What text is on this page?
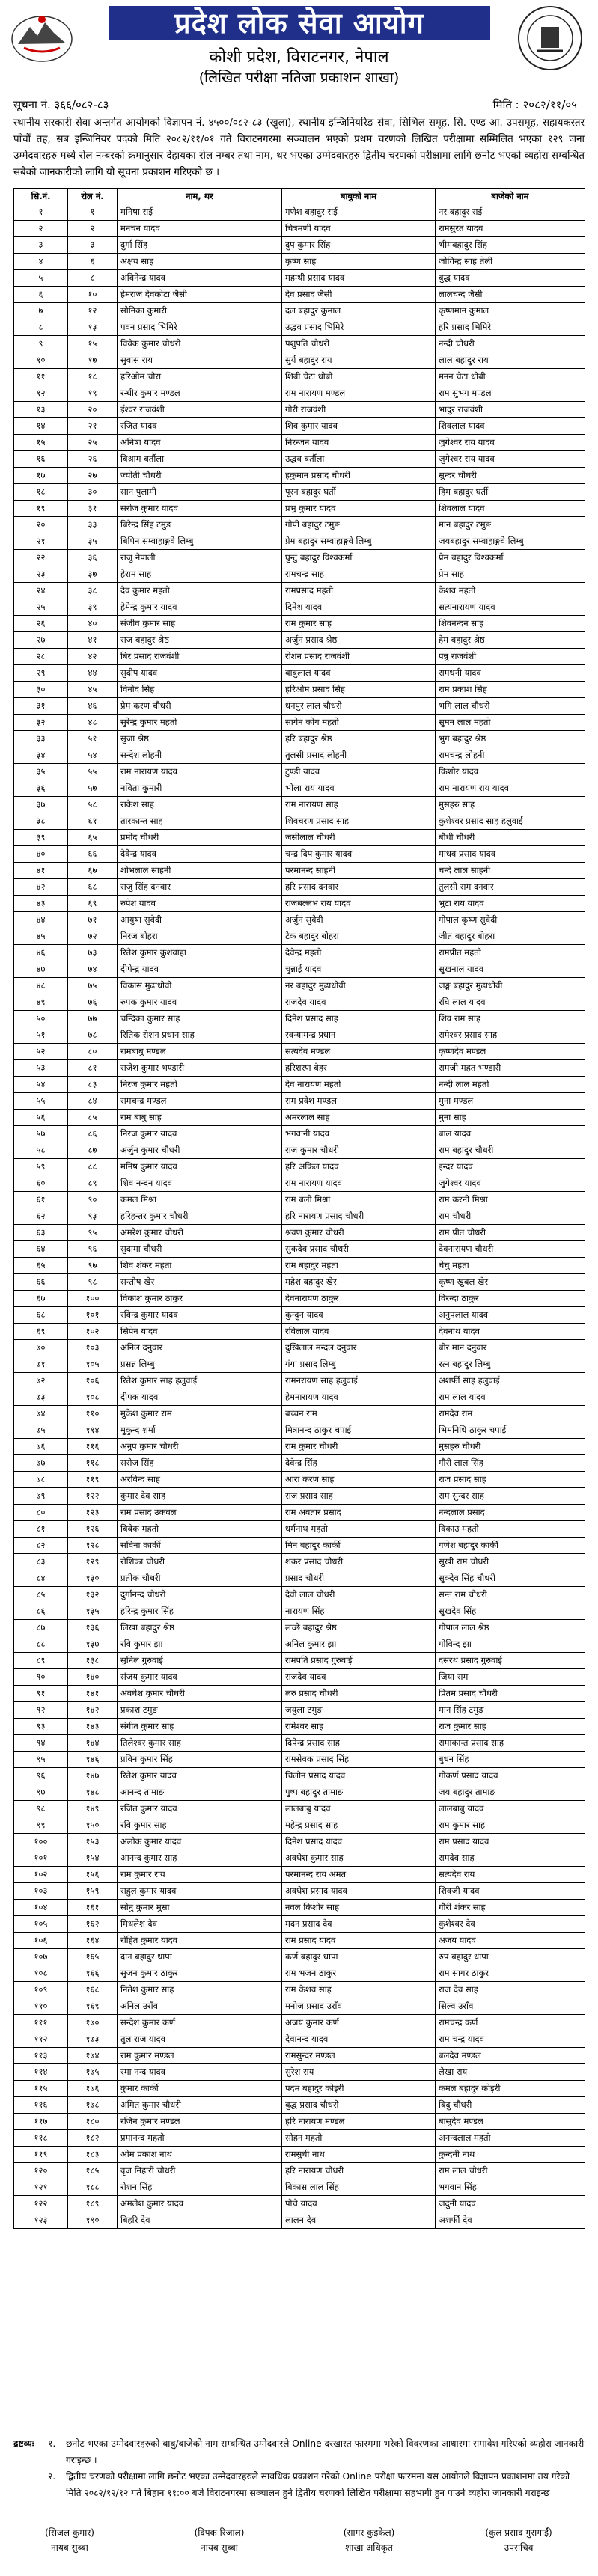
प्रदेश लोक सेवा आयोग
कोशी प्रदेश, विराटनगर, नेपाल
(लिखित परीक्षा नतिजा प्रकाशन शाखा)
सूचना नं. ३६६/०८२-८३	मिति : २०८२/११/०५
स्थानीय सरकारी सेवा अन्तर्गत आयोगको विज्ञापन नं. ४५००/०८२-८३ (खुला), स्थानीय इन्जिनियरिङ सेवा, सिभिल समूह, सि. एण्ड आ. उपसमूह, सहायकस्तर पाँचौं तह, सब इन्जिनियर पदको मिति २०८२/११/०१ गते विराटनगरमा सञ्चालन भएको प्रथम चरणको लिखित परीक्षामा सम्मिलित भएका १२९ जना उम्मेदवारहरु मध्ये रोल नम्बरको क्रमानुसार देहायका रोल नम्बर तथा नाम, थर भएका उम्मेदवारहरु द्वितीय चरणको परीक्षामा लागि छनोट भएको व्यहोरा सम्बन्धित सबैको जानकारीको लागि यो सूचना प्रकाशन गरिएको छ ।
सि.नं.	रोल नं.	नाम, थर	बाबुको नाम	बाजेको नाम
१	१	मनिषा राई	गणेश बहादुर राई	नर बहादुर राई
२	२	मनचन यादव	चित्रमणी यादव	रामसुरत यादव
३	३	दुर्गा सिंह	दुप कुमार सिंह	भीमबहादुर सिंह
४	६	अक्षय साह	कृष्ण साह	जोगिन्द्र साह तेली
५	८	अविनेन्द्र यादव	महन्थी प्रसाद यादव	बुद्ध यादव
६	१०	हेमराज देवकोटा जैसी	देव प्रसाद जैसी	लालचन्द जैसी
७	१२	सोनिका कुमारी	दल बहादुर कुमाल	कृष्णमान कुमाल
८	१३	पवन प्रसाद भिमिरे	उद्धव प्रसाद भिमिरे	हरि प्रसाद भिमिरे
९	१५	विवेक कुमार चौधरी	पशुपति चौधरी	नन्दी चौधरी
१०	१७	सुवास राय	सुर्य बहादुर राय	लाल बहादुर राय
११	१८	हरिओम चौरा	शिबी चेटा धोबी	मनन चेटा धोबी
१२	१९	रन्धीर कुमार मण्डल	राम नारायण मण्डल	राम सुभग मण्डल
१३	२०	ईश्वर राजवंशी	गोरी राजवंशी	भादुर राजवंशी
१४	२१	रजित यादव	शिव कुमार यादव	शिवलाल यादव
१५	२५	अनिषा यादव	निरन्जन यादव	जुगेश्वर राय यादव
१६	२६	बिश्राम बर्तौला	उद्धव बर्तौला	जुगेश्वर राय यादव
१७	२७	ज्योती चौधरी	हकुमान प्रसाद चौधरी	सुन्दर चौधरी
१८	३०	सान पुलामी	पूरन बहादुर घर्ती	हिम बहादुर घर्ती
१९	३१	सरोज कुमार यादव	प्रभु कुमार यादव	शिवलाल यादव
२०	३३	बिरेन्द्र सिंह टमुङ	गोपी बहादुर टमुङ	मान बहादुर टमुङ
२१	३५	बिपिन सम्वाहाङ्गवे लिम्बु	प्रेम बहादुर सम्वाहाङ्गवे लिम्बु	जयबहादुर सम्वाहाङ्गवे लिम्बु
२२	३६	राजु नेपाली	घुन्टु बहादुर विश्वकर्मा	प्रेम बहादुर विश्वकर्मा
२३	३७	हेराम साह	रामचन्द्र साह	प्रेम साह
२४	३८	देव कुमार महतो	रामप्रसाद महतो	केशव महतो
२५	३९	हेमेन्द्र कुमार यादव	दिनेश यादव	सत्यनारायण यादव
२६	४०	संजीव कुमार साह	राम कुमार साह	शिवनन्दन साह
२७	४१	राज बहादुर श्रेष्ठ	अर्जुन प्रसाद श्रेष्ठ	हेम बहादुर श्रेष्ठ
२८	४२	बिर प्रसाद राजवंशी	रोशन प्रसाद राजवंशी	पन्नु राजवंशी
२९	४४	सुदीप यादव	बाबुलाल यादव	रामधनी यादव
३०	४५	विनोद सिंह	हरिओम प्रसाद सिंह	राम प्रकाश सिंह
३१	४६	प्रेम करण चौधरी	धनपुर लाल चौधरी	भगि लाल चौधरी
३२	४८	सुरेन्द्र कुमार महतो	सागेन कोंग महतो	सुमन लाल महतो
३३	५१	सुजा श्रेष्ठ	हरि बहादुर श्रेष्ठ	भुग बहादुर श्रेष्ठ
३४	५४	सन्देश लोहनी	तुलसी प्रसाद लोहनी	रामचन्द्र लोहनी
३५	५५	राम नारायण यादव	टुण्डी यादव	किशोर यादव
३६	५७	नविता कुमारी	भोला राय यादव	राम नारायण राय यादव
३७	५८	राकेश साह	राम नारायण साह	मुसहरु साह
३८	६१	तारकान्त साह	शिवचरण प्रसाद साह	कुशेश्वर प्रसाद साह हलुवाई
३९	६५	प्रमोद चौधरी	जसीलाल चौधरी	बौधी चौधरी
४०	६६	देवेन्द्र यादव	चन्द्र दिप कुमार यादव	माधव प्रसाद यादव
४१	६७	शोभलाल साहनी	परमानन्द साहनी	चन्दे लाल साहनी
४२	६८	राजु सिंह दनवार	हरि प्रसाद दनवार	तुलसी राम दनवार
४३	६९	रुपेश यादव	राजबल्लभ राय यादव	भुटा राय यादव
४४	७१	आयुषा सुवेदी	अर्जुन सुवेदी	गोपाल कृष्ण सुवेदी
४५	७२	निरज बोहरा	टेक बहादुर बोहरा	जीत बहादुर बोहरा
४६	७३	रितेश कुमार कुशवाहा	देवेन्द्र महतो	रामप्रीत महतो
४७	७४	दीपेन्द्र यादव	चुन्नाई यादव	सुखनाल यादव
४८	७५	विकास मुढाधोवी	नर बहादुर मुढाधोवी	जङ्ग बहादुर मुढाधोवी
४९	७६	रुपक कुमार यादव	राजदेव यादव	रघि लाल यादव
५०	७७	चन्दिका कुमार साह	दिनेश प्रसाद साह	शिव राम साह
५१	७८	रितिक रोशन प्रधान साह	रवन्यामन्द्र प्रधान	रामेश्वर प्रसाद साह
५२	८०	रामबाबु मण्डल	सत्यदेव मण्डल	कृष्णदेव मण्डल
५३	८१	राजेश कुमार भण्डारी	हरिशरण बेहर	रामजी महत भण्डारी
५४	८३	निरज कुमार महतो	देव नारायण महतो	नन्दी लाल महतो
५५	८४	रामचन्द्र मण्डल	राम प्रवेश मण्डल	मुना मण्डल
५६	८५	राम बाबु साह	अमरलाल साह	मुना साह
५७	८६	निरज कुमार यादव	भगवानी यादव	बाल यादव
५८	८७	अर्जुन कुमार चौधरी	राज कुमार चौधरी	राम बहादुर चौधरी
५९	८८	मनिष कुमार यादव	हरि अकिल यादव	इन्दर यादव
६०	८९	शिव नन्दन यादव	राम नारायण यादव	जुगेश्वर यादव
६१	९०	कमल मिश्रा	राम बली मिश्रा	राम करनी मिश्रा
६२	९३	हरिहन्तर कुमार चौधरी	हरि नारायण प्रसाद चौधरी	राम चौधरी
६३	९५	अमरेश कुमार चौधरी	श्रवण कुमार चौधरी	राम प्रीत चौधरी
६४	९६	सुदामा चौधरी	सुकदेव प्रसाद चौधरी	देवनारायण चौधरी
६५	९७	शिव शंकर महता	राम बहादुर महता	चेचु महता
६६	९८	सन्तोष खेर	महेश बहादुर खेर	कृष्ण खुबल खेर
६७	१००	विकाश कुमार ठाकुर	देवनारायण ठाकुर	विरन्दा ठाकुर
६८	१०१	रविन्द्र कुमार यादव	कुन्दुन यादव	अनुपलाल यादव
६९	१०२	सिपेन यादव	रविलाल यादव	देवनाथ यादव
७०	१०३	अनिल दनुवार	दुखिलाल मन्दल दनुवार	बीर मान दनुवार
७१	१०५	प्रसन्न लिम्बु	गंगा प्रसाद लिम्बु	रत्न बहादुर लिम्बु
७२	१०६	रितेश कुमार साह हलुवाई	रामनरायण साह हलुवाई	अशर्फी साह हलुवाई
७३	१०८	दीपक यादव	हेमनारायण यादव	राम लाल यादव
७४	११०	मुकेश कुमार राम	बच्चन राम	रामदेव राम
७५	११४	मुकुन्द शर्मा	मित्रानन्द ठाकुर चपाई	भिमनिधि ठाकुर चपाई
७६	११६	अनुप कुमार चौधरी	राम कुमार चौधरी	मुसहरु चौधरी
७७	११८	सरोज सिंह	देवेन्द्र सिंह	गौरी लाल सिंह
७८	११९	अरविन्द साह	आरा करण साह	राज प्रसाद साह
७९	१२२	कुमार देव साह	राज प्रसाद साह	राम सुन्दर साह
८०	१२३	राम प्रसाद उकवल	राम अवतार प्रसाद	नन्दलाल प्रसाद
८१	१२६	बिबेक महतो	धर्मनाथ महतो	विकाउ महतो
८२	१२८	सविना कार्की	मिन बहादुर कार्की	गणेश बहादुर कार्की
८३	१२९	रोशिका चौधरी	शंकर प्रसाद चौधरी	सुखी राम चौधरी
८४	१३०	प्रतीक चौधरी	प्रसाद चौधरी	सुक्देव सिंह चौधरी
८५	१३२	दुर्गानन्द चौधरी	देवी लाल चौधरी	सन्त राम चौधरी
८६	१३५	हरिन्द्र कुमार सिंह	नारायण सिंह	सुखदेव सिंह
८७	१३६	लिखा बहादुर श्रेष्ठ	लच्छे बहादुर श्रेष्ठ	गोपाल लाल श्रेष्ठ
८८	१३७	रवि कुमार झा	अनिल कुमार झा	गोविन्द झा
८९	१३८	सुनिल गुरुवाई	रामपति प्रसाद गुरुवाई	दसरथ प्रसाद गुरुवाई
९०	१४०	संजय कुमार यादव	राजदेव यादव	जिया राम
९१	१४१	अवधेश कुमार चौधरी	लरु प्रसाद चौधरी	प्रितम प्रसाद चौधरी
९२	१४२	प्रकाश टमुङ	जयुला टमुङ	मान सिंह टमुङ
९३	१४३	संगीत कुमार साह	रामेश्वर साह	राज कुमार साह
९४	१४४	तिलेश्वर कुमार साह	दिपेन्द्र प्रसाद साह	रामाकान्त प्रसाद साह
९५	१४६	प्रविन कुमार सिंह	रामसेवक प्रसाद सिंह	बुधन सिंह
९६	१४७	रितेश कुमार यादव	चिलोन प्रसाद यादव	गोकर्ण प्रसाद यादव
९७	१४८	आनन्द तामाङ	पुष्प बहादुर तामाङ	जय बहादुर तामाङ
९८	१४९	रजित कुमार यादव	लालबाबु यादव	लालबाबु यादव
९९	१५०	रवि कुमार साह	महेन्द्र प्रसाद साह	राम कुमार साह
१००	१५३	अलोक कुमार यादव	दिनेश प्रसाद यादव	राम प्रसाद यादव
१०१	१५४	आनन्द कुमार साह	अवधेश कुमार साह	रामदेव साह
१०२	१५६	राम कुमार राय	परमानन्द राय अमत	सत्यदेव राय
१०३	१५९	राहुल कुमार यादव	अवधेश प्रसाद यादव	शिवजी यादव
१०४	१६१	सोनु कुमार मुसा	नवल किशोर साह	गौरी शंकर साह
१०५	१६२	मिथलेश देव	मदन प्रसाद देव	कुशेश्वर देव
१०६	१६४	रोहित कुमार यादव	राम प्रसाद यादव	अजय यादव
१०७	१६५	दान बहादुर धापा	कर्ण बहादुर धापा	रुप बहादुर धापा
१०८	१६६	सुजन कुमार ठाकुर	राम भजन ठाकुर	राम सागर ठाकुर
१०९	१६८	नितेश कुमार साह	राम केशव साह	राज देव साह
११०	१६९	अनिल उराँव	मनोज प्रसाद उराँव	सिल्व उराँव
१११	१७०	सन्देश कुमार कर्ण	अजय कुमार कर्ण	रामचन्द्र कर्ण
११२	१७३	तुल राज यादव	देवानन्द यादव	राम चन्द्र यादव
११३	१७४	राम कुमार मण्डल	रामसुन्दर मण्डल	बलदेव मण्डल
११४	१७५	रमा नन्द यादव	सुरेश राय	लेखा राय
११५	१७६	कुमार कार्की	पदम बहादुर कोइरी	कमल बहादुर कोइरी
११६	१७८	अमित कुमार चौधरी	बुद्ध प्रसाद चौधरी	बिदु चौधरी
११७	१८०	रजिन कुमार मण्डल	हरि नारायण मण्डल	बासुदेव मण्डल
११८	१८२	प्रमानन्द महतो	सोहन महतो	अनन्दलाल महतो
११९	१८३	ओम प्रकाश नाथ	रामसुधी नाथ	कुन्दनी नाथ
१२०	१८५	वृज निहारी चौधरी	हरि नारायण चौधरी	राम लाल चौधरी
१२१	१८८	रोशन सिंह	बिकास लाल सिंह	भगवान सिंह
१२२	१८९	अमलेश कुमार यादव	पोचे यादव	जदुनी यादव
१२३	१९०	बिहरि देव	लालन देव	अशर्फी देव
द्रष्टव्यः १. छनोट भएका उम्मेदवारहरुको बाबु/बाजेको नाम सम्बन्धित उम्मेदवारले Online दरखास्त फारममा भरेको विवरणका आधारमा समावेश गरिएको व्यहोरा जानकारी गराइन्छ ।
२. द्वितीय चरणको परीक्षामा लागि छनोट भएका उम्मेदवारहरुले सावधिक प्रकाशन गरेको Online परीक्षा फारममा यस आयोगले विज्ञापन प्रकाशनमा तय गरेको मिति २०८२/१२/१२ गते बिहान ११:०० बजे विराटनगरमा सञ्चालन हुने द्वितीय चरणको लिखित परीक्षामा सहभागी हुन पाउने व्यहोरा जानकारी गराइन्छ ।
(सिजल कुमार)
नायब सुब्बा
(दिपक रिजाल)
नायब सुब्बा
(सागर कुइकेल)
शाखा अधिकृत
(कुल प्रसाद गुरागाईं)
उपसचिव
